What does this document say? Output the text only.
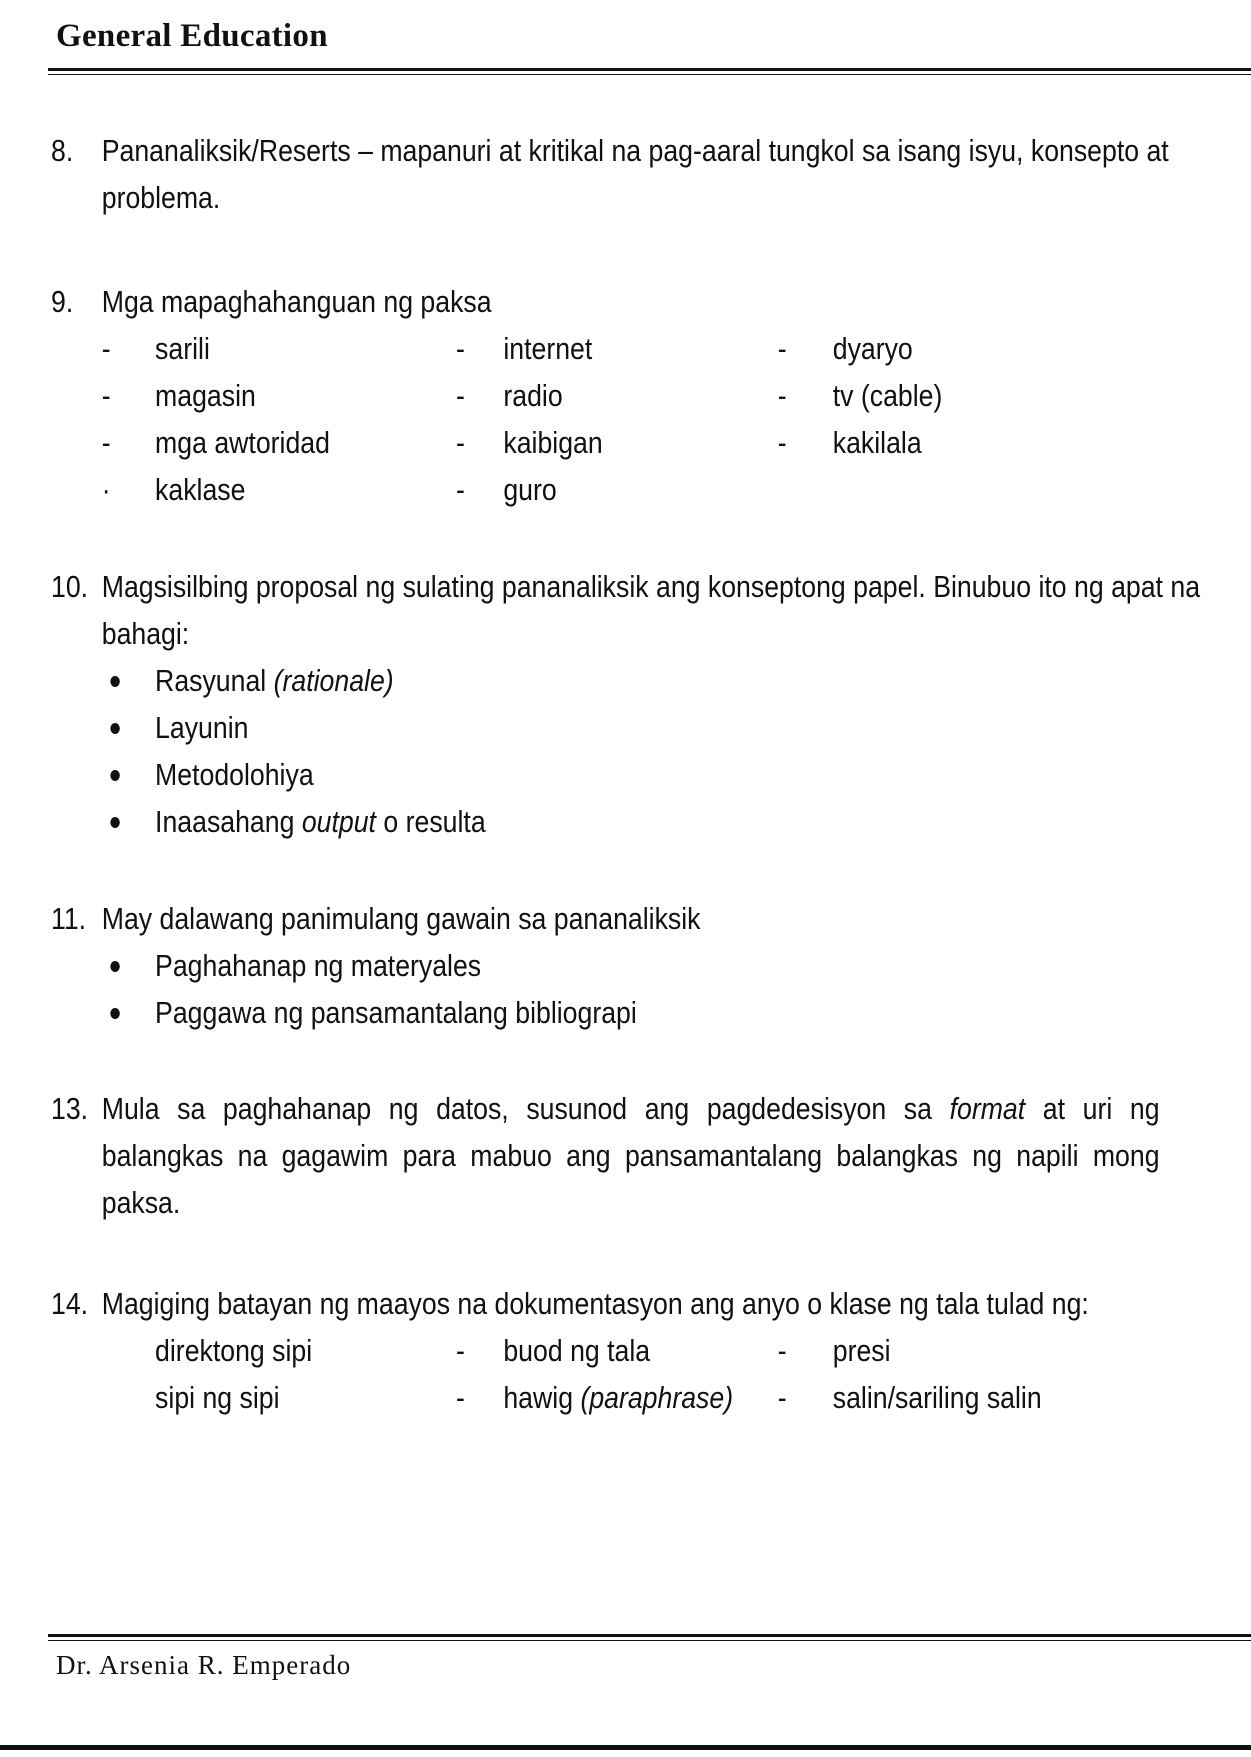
General Education
8. Pananaliksik/Reserts – mapanuri at kritikal na pag-aaral tungkol sa isang isyu, konsepto at problema.

9. Mga mapaghahanguan ng paksa

- sarili	- internet	- dyaryo
- magasin	- radio	- tv (cable)
- mga awtoridad	- kaibigan	- kakilala
· kaklase	- guro
10. Magsisilbing proposal ng sulating pananaliksik ang konseptong papel. Binubuo ito ng apat na bahagi:

Rasyunal (rationale)
Layunin
Metodolohiya
Inaasahang output o resulta
11. May dalawang panimulang gawain sa pananaliksik

Paghahanap ng materyales
Paggawa ng pansamantalang bibliograpi
13. Mula sa paghahanap ng datos, susunod ang pagdedesisyon sa format at uri ng balangkas na gagawim para mabuo ang pansamantalang balangkas ng napili mong paksa.

14. Magiging batayan ng maayos na dokumentasyon ang anyo o klase ng tala tulad ng:

direktong sipi	- buod ng tala	- presi
sipi ng sipi	- hawig (paraphrase) - salin/sariling salin
Dr. Arsenia R. Emperado
